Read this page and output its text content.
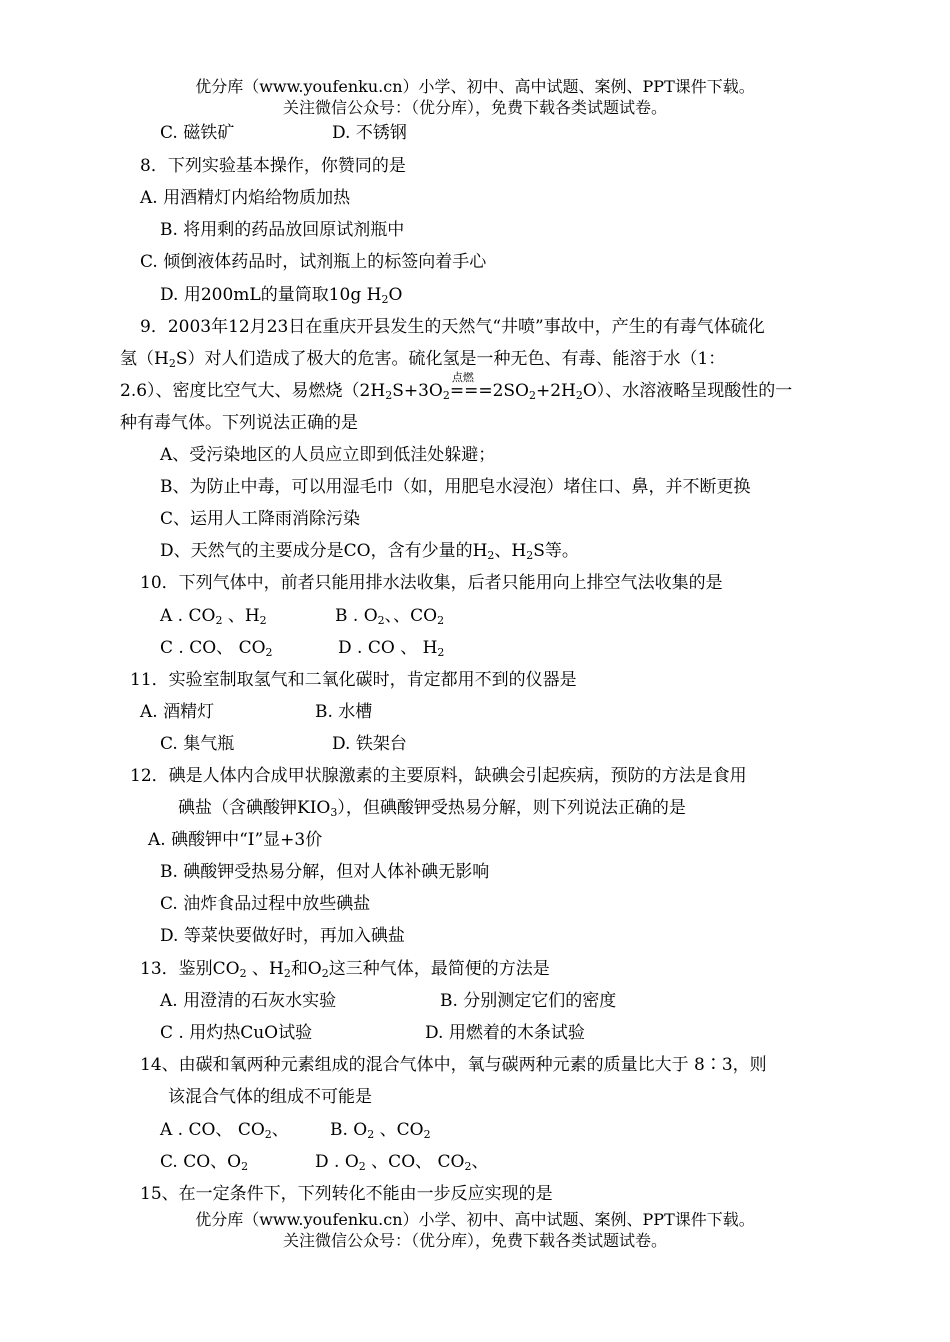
优分库（www.youfenku.cn）小学、初中、高中试题、案例、PPT课件下载。
关注微信公众号：（优分库），免费下载各类试题试卷。
C. 磁铁矿	D. 不锈钢
8．下列实验基本操作，你赞同的是
A. 用酒精灯内焰给物质加热
B. 将用剩的药品放回原试剂瓶中
C. 倾倒液体药品时，试剂瓶上的标签向着手心
D. 用200mL的量筒取10g $H_2O$
9．2003年12月23日在重庆开县发生的天然气“井喷”事故中，产生的有毒气体硫化
氢$(H_2S)$对人们造成了极大的危害。硫化氢是一种无色、有毒、能溶于水（1：
2.6）、密度比空气大、易燃烧（$2H_2S+3O_2$
点燃
$===2SO_2+2H_2O$）、水溶液略呈现酸性的一
种有毒气体。下列说法正确的是
A、受污染地区的人员应立即到低洼处躲避；
B、为防止中毒，可以用湿毛巾（如，用肥皂水浸泡）堵住口、鼻，并不断更换
C、运用人工降雨消除污染
D、天然气的主要成分是CO，含有少量的$H_2$、$H_2S$等。
10．下列气体中，前者只能用排水法收集，后者只能用向上排空气法收集的是
A . $CO_2$ 、$H_2$	B . $O_2$、、$CO_2$
C . CO、 $CO_2$	D . CO 、 $H_2$
11．实验室制取氢气和二氧化碳时，肯定都用不到的仪器是
A. 酒精灯	B. 水槽
C. 集气瓶	D. 铁架台
12．碘是人体内合成甲状腺激素的主要原料，缺碘会引起疾病，预防的方法是食用
碘盐（含碘酸钾$KIO_3$），但碘酸钾受热易分解，则下列说法正确的是
A. 碘酸钾中“I”显+3价
B. 碘酸钾受热易分解，但对人体补碘无影响
C. 油炸食品过程中放些碘盐
D. 等菜快要做好时，再加入碘盐
13．鉴别$CO_2$ 、$H_2$和$O_2$这三种气体，最简便的方法是
A. 用澄清的石灰水实验	B. 分别测定它们的密度
C . 用灼热CuO试验	D. 用燃着的木条试验
14、由碳和氧两种元素组成的混合气体中，氧与碳两种元素的质量比大于 8∶3，则
该混合气体的组成不可能是
A . CO、 $CO_2$、 B. $O_2$ 、$CO_2$
C. CO、$O_2$	D . $O_2$ 、CO、 $CO_2$、
15、在一定条件下，下列转化不能由一步反应实现的是
优分库（www.youfenku.cn）小学、初中、高中试题、案例、PPT课件下载。
关注微信公众号：（优分库），免费下载各类试题试卷。
